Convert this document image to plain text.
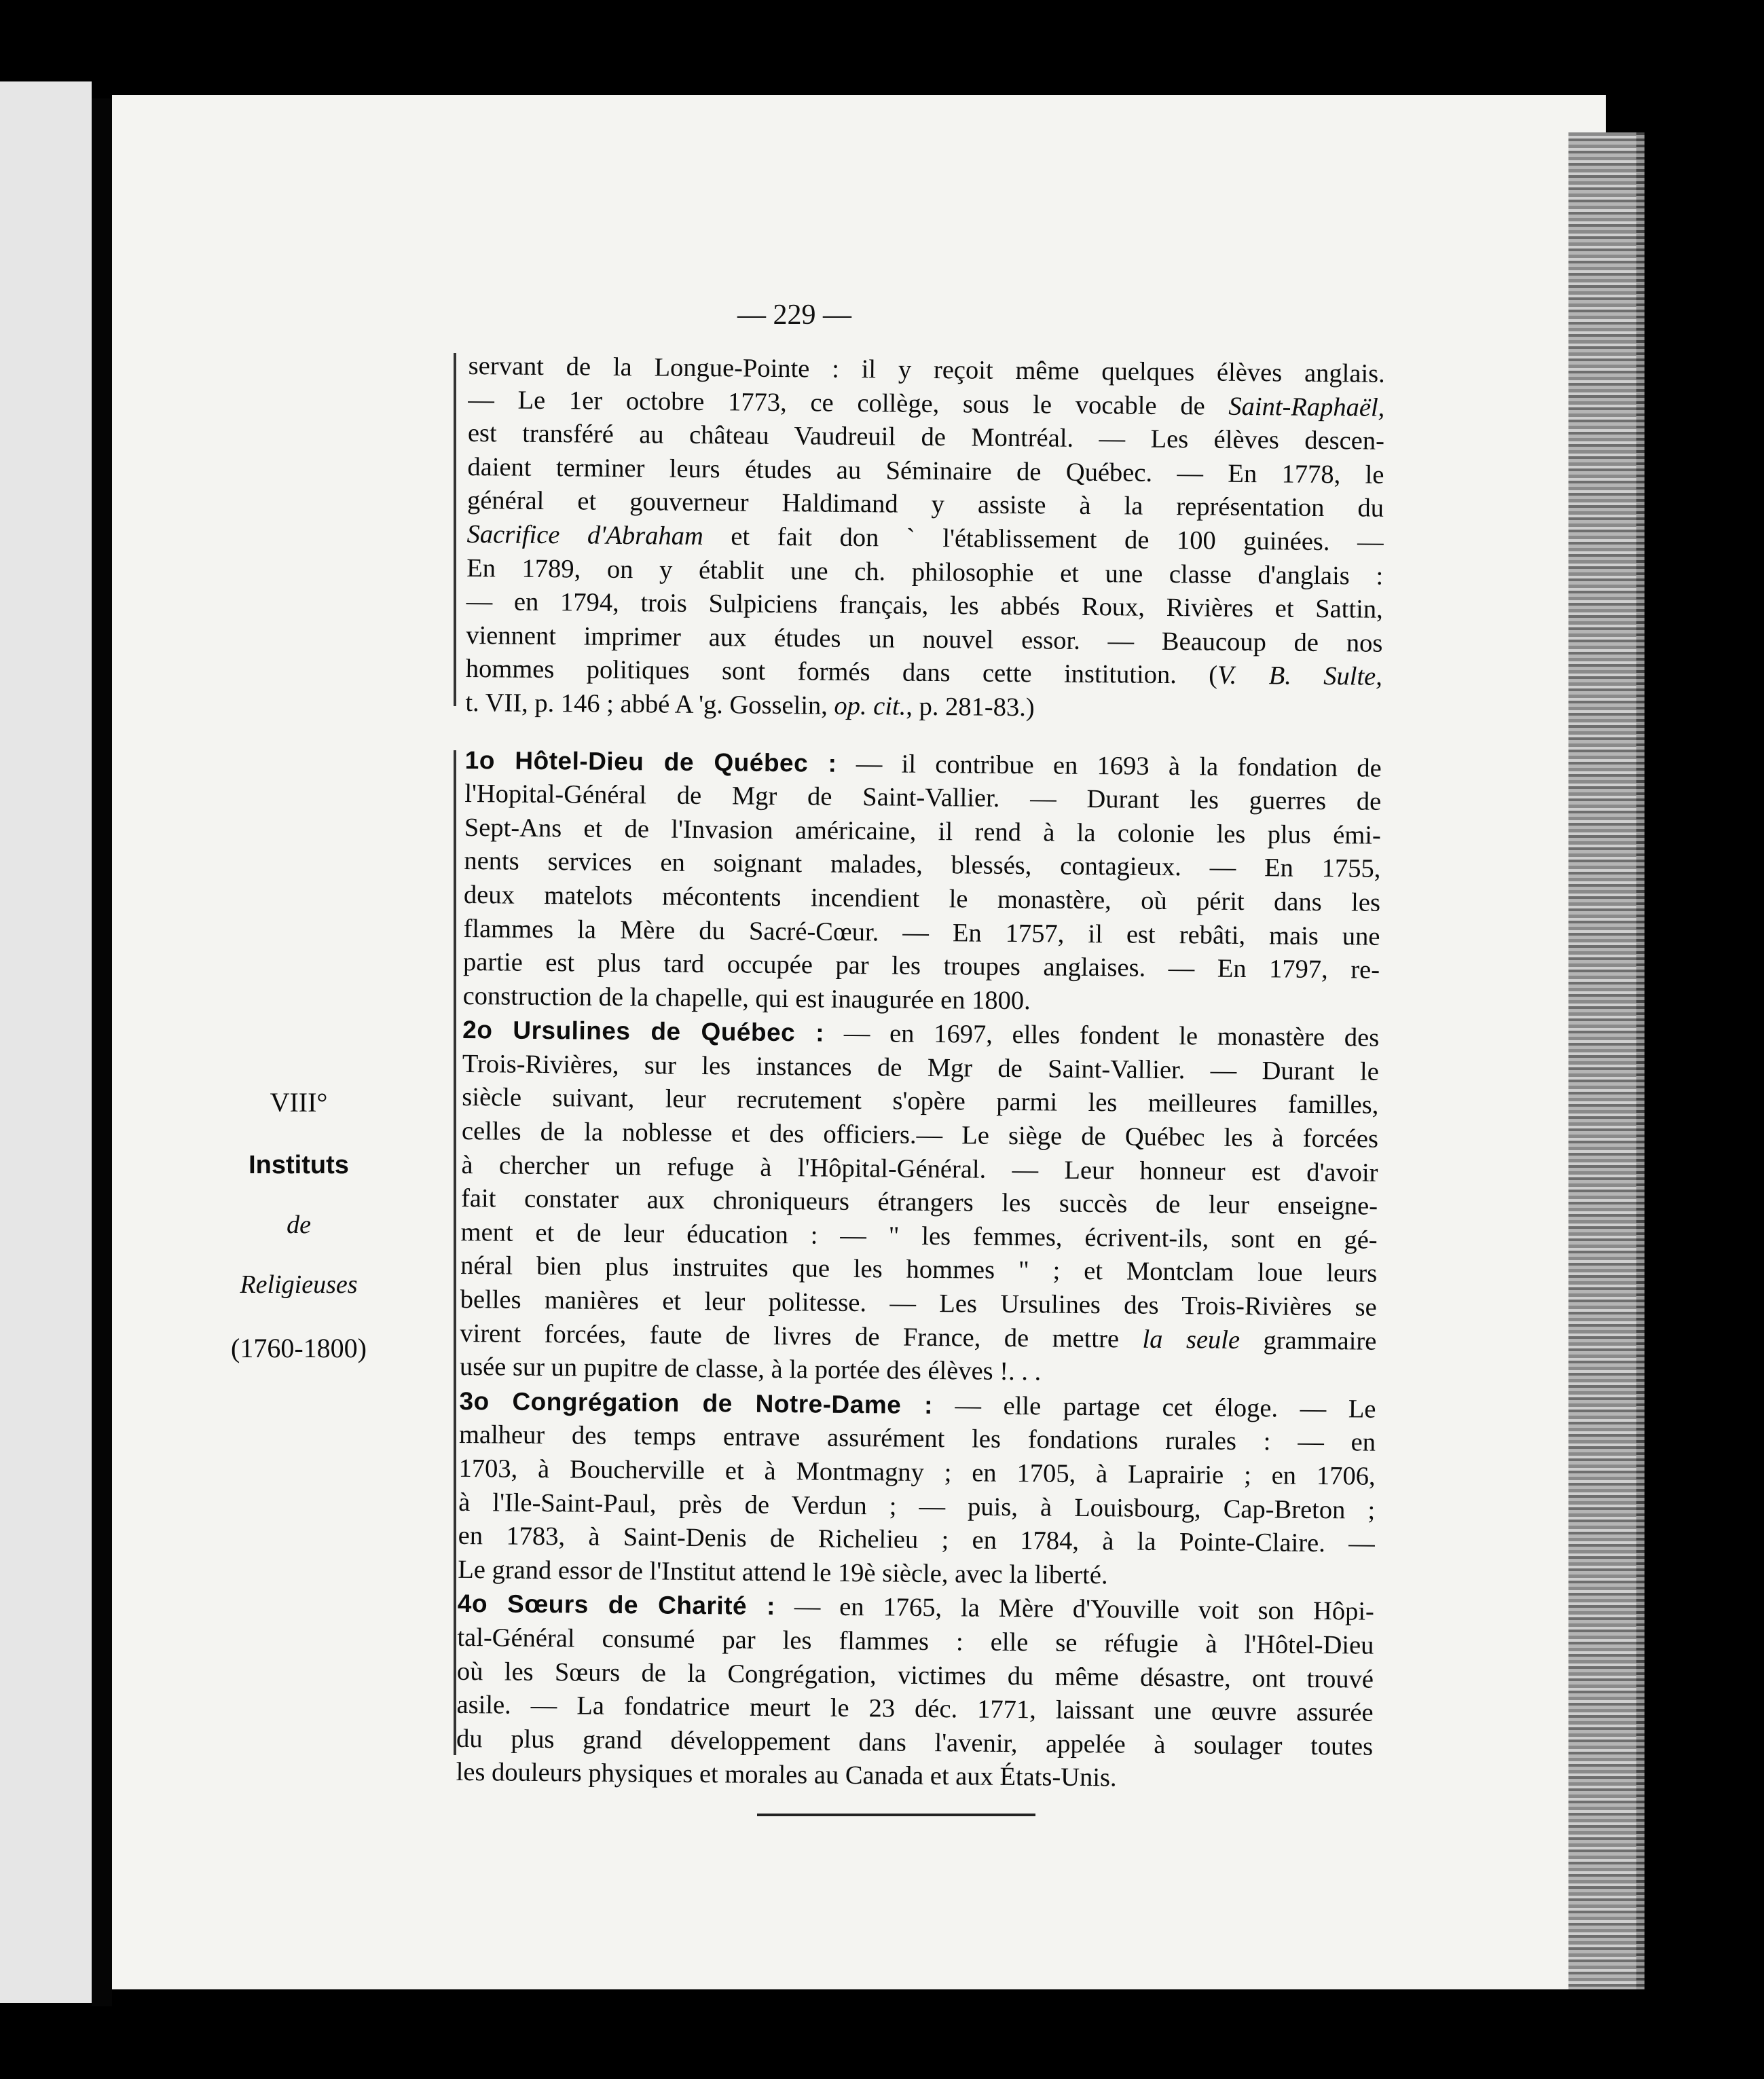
— 229 —
servant de la Longue-Pointe : il y reçoit même quelques élèves anglais.
— Le 1er octobre 1773, ce collège, sous le vocable de Saint-Raphaël,
est transféré au château Vaudreuil de Montréal. — Les élèves descen-
daient terminer leurs études au Séminaire de Québec. — En 1778, le
général et gouverneur Haldimand y assiste à la représentation du
Sacrifice d'Abraham et fait don ` l'établissement de 100 guinées. —
En 1789, on y établit une ch. philosophie et une classe d'anglais :
— en 1794, trois Sulpiciens français, les abbés Roux, Rivières et Sattin,
viennent imprimer aux études un nouvel essor. — Beaucoup de nos
hommes politiques sont formés dans cette institution. (V. B. Sulte,
t. VII, p. 146 ; abbé A 'g. Gosselin, op. cit., p. 281-83.)
1o Hôtel-Dieu de Québec : — il contribue en 1693 à la fondation de
l'Hopital-Général de Mgr de Saint-Vallier. — Durant les guerres de
Sept-Ans et de l'Invasion américaine, il rend à la colonie les plus émi-
nents services en soignant malades, blessés, contagieux. — En 1755,
deux matelots mécontents incendient le monastère, où périt dans les
flammes la Mère du Sacré-Cœur. — En 1757, il est rebâti, mais une
partie est plus tard occupée par les troupes anglaises. — En 1797, re-
construction de la chapelle, qui est inaugurée en 1800.
2o Ursulines de Québec : — en 1697, elles fondent le monastère des
Trois-Rivières, sur les instances de Mgr de Saint-Vallier. — Durant le
siècle suivant, leur recrutement s'opère parmi les meilleures familles,
celles de la noblesse et des officiers.— Le siège de Québec les à forcées
à chercher un refuge à l'Hôpital-Général. — Leur honneur est d'avoir
fait constater aux chroniqueurs étrangers les succès de leur enseigne-
ment et de leur éducation : — " les femmes, écrivent-ils, sont en gé-
néral bien plus instruites que les hommes " ; et Montclam loue leurs
belles manières et leur politesse. — Les Ursulines des Trois-Rivières se
virent forcées, faute de livres de France, de mettre la seule grammaire
usée sur un pupitre de classe, à la portée des élèves !. . .
3o Congrégation de Notre-Dame : — elle partage cet éloge. — Le
malheur des temps entrave assurément les fondations rurales : — en
1703, à Boucherville et à Montmagny ; en 1705, à Laprairie ; en 1706,
à l'Ile-Saint-Paul, près de Verdun ; — puis, à Louisbourg, Cap-Breton ;
en 1783, à Saint-Denis de Richelieu ; en 1784, à la Pointe-Claire. —
Le grand essor de l'Institut attend le 19è siècle, avec la liberté.
4o Sœurs de Charité : — en 1765, la Mère d'Youville voit son Hôpi-
tal-Général consumé par les flammes : elle se réfugie à l'Hôtel-Dieu
où les Sœurs de la Congrégation, victimes du même désastre, ont trouvé
asile. — La fondatrice meurt le 23 déc. 1771, laissant une œuvre assurée
du plus grand développement dans l'avenir, appelée à soulager toutes
les douleurs physiques et morales au Canada et aux États-Unis.
VIII°
Instituts
de
Religieuses
(1760-1800)
